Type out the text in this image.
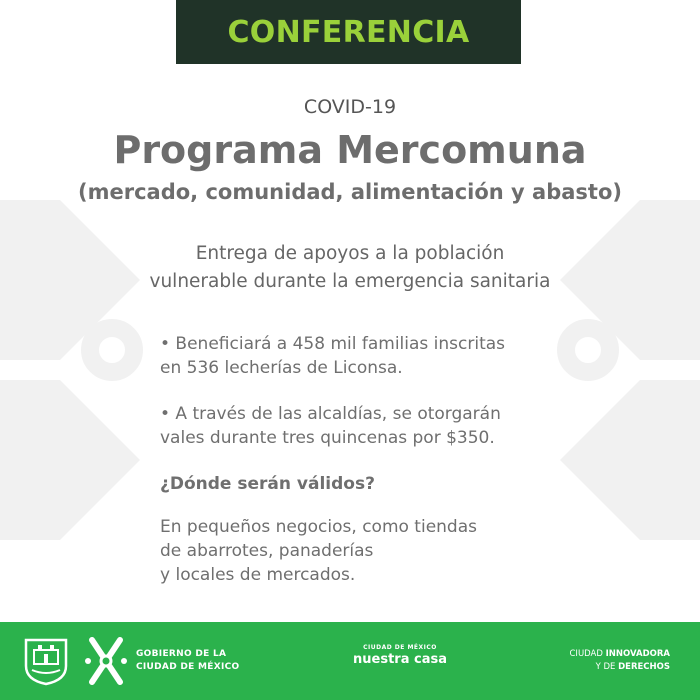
CONFERENCIA
COVID-19
Programa Mercomuna
(mercado, comunidad, alimentación y abasto)
Entrega de apoyos a la población
vulnerable durante la emergencia sanitaria
• Beneficiará a 458 mil familias inscritas
en 536 lecherías de Liconsa.
• A través de las alcaldías, se otorgarán
vales durante tres quincenas por $350.
¿Dónde serán válidos?
En pequeños negocios, como tiendas
de abarrotes, panaderías
y locales de mercados.
GOBIERNO DE LA
CIUDAD DE MÉXICO
CIUDAD DE MÉXICO
nuestra casa	CIUDAD INNOVADORA
Y DE DERECHOS
